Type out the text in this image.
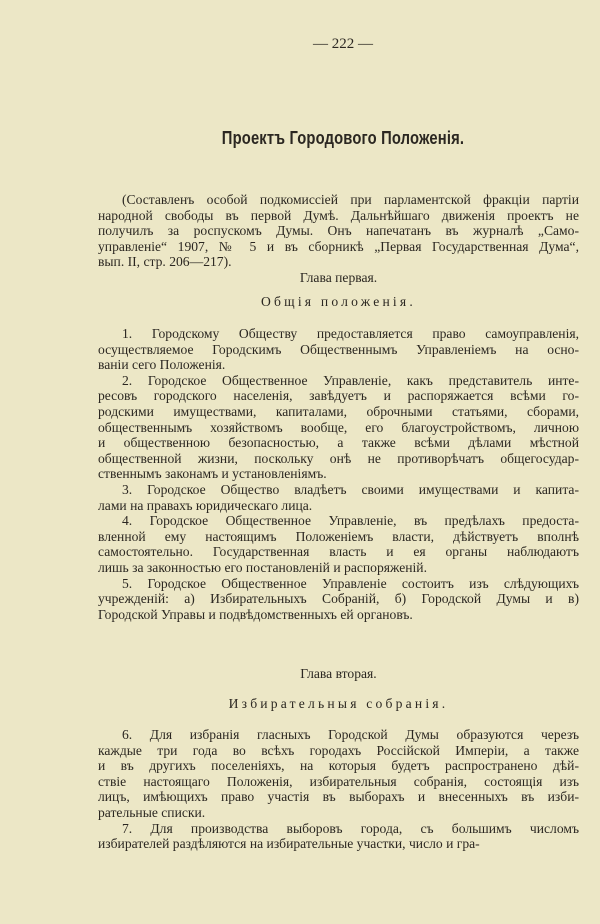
— 222 —
Проектъ Городового Положенія.
(Составленъ особой подкомиссіей при парламентской фракціи партіи
народной свободы въ первой Думѣ. Дальнѣйшаго движенія проектъ не
получилъ за роспускомъ Думы. Онъ напечатанъ въ журналѣ „Само-
управленіе“ 1907, № 5 и въ сборникѣ „Первая Государственная Дума“,
вып. II, стр. 206—217).
Глава первая.
Общія положенія.
1. Городскому Обществу предоставляется право самоуправленія,
осуществляемое Городскимъ Общественнымъ Управленіемъ на осно-
ваніи сего Положенія.
2. Городское Общественное Управленіе, какъ представитель инте-
ресовъ городского населенія, завѣдуетъ и распоряжается всѣми го-
родскими имуществами, капиталами, оброчными статьями, сборами,
общественнымъ хозяйствомъ вообще, его благоустройствомъ, личною
и общественною безопасностью, а также всѣми дѣлами мѣстной
общественной жизни, поскольку онѣ не противорѣчатъ общегосудар-
ственнымъ законамъ и установленіямъ.
3. Городское Общество владѣетъ своими имуществами и капита-
лами на правахъ юридическаго лица.
4. Городское Общественное Управленіе, въ предѣлахъ предоста-
вленной ему настоящимъ Положеніемъ власти, дѣйствуетъ вполнѣ
самостоятельно. Государственная власть и ея органы наблюдаютъ
лишь за законностью его постановленій и распоряженій.
5. Городское Общественное Управленіе состоитъ изъ слѣдующихъ
учрежденій: а) Избирательныхъ Собраній, б) Городской Думы и в)
Городской Управы и подвѣдомственныхъ ей органовъ.
Глава вторая.
Избирательныя собранія.
6. Для избранія гласныхъ Городской Думы образуются черезъ
каждые три года во всѣхъ городахъ Россійской Имперіи, а также
и въ другихъ поселеніяхъ, на которыя будетъ распространено дѣй-
ствіе настоящаго Положенія, избирательныя собранія, состоящія изъ
лицъ, имѣющихъ право участія въ выборахъ и внесенныхъ въ изби-
рательные списки.
7. Для производства выборовъ города, съ большимъ числомъ
избирателей раздѣляются на избирательные участки, число и гра-
